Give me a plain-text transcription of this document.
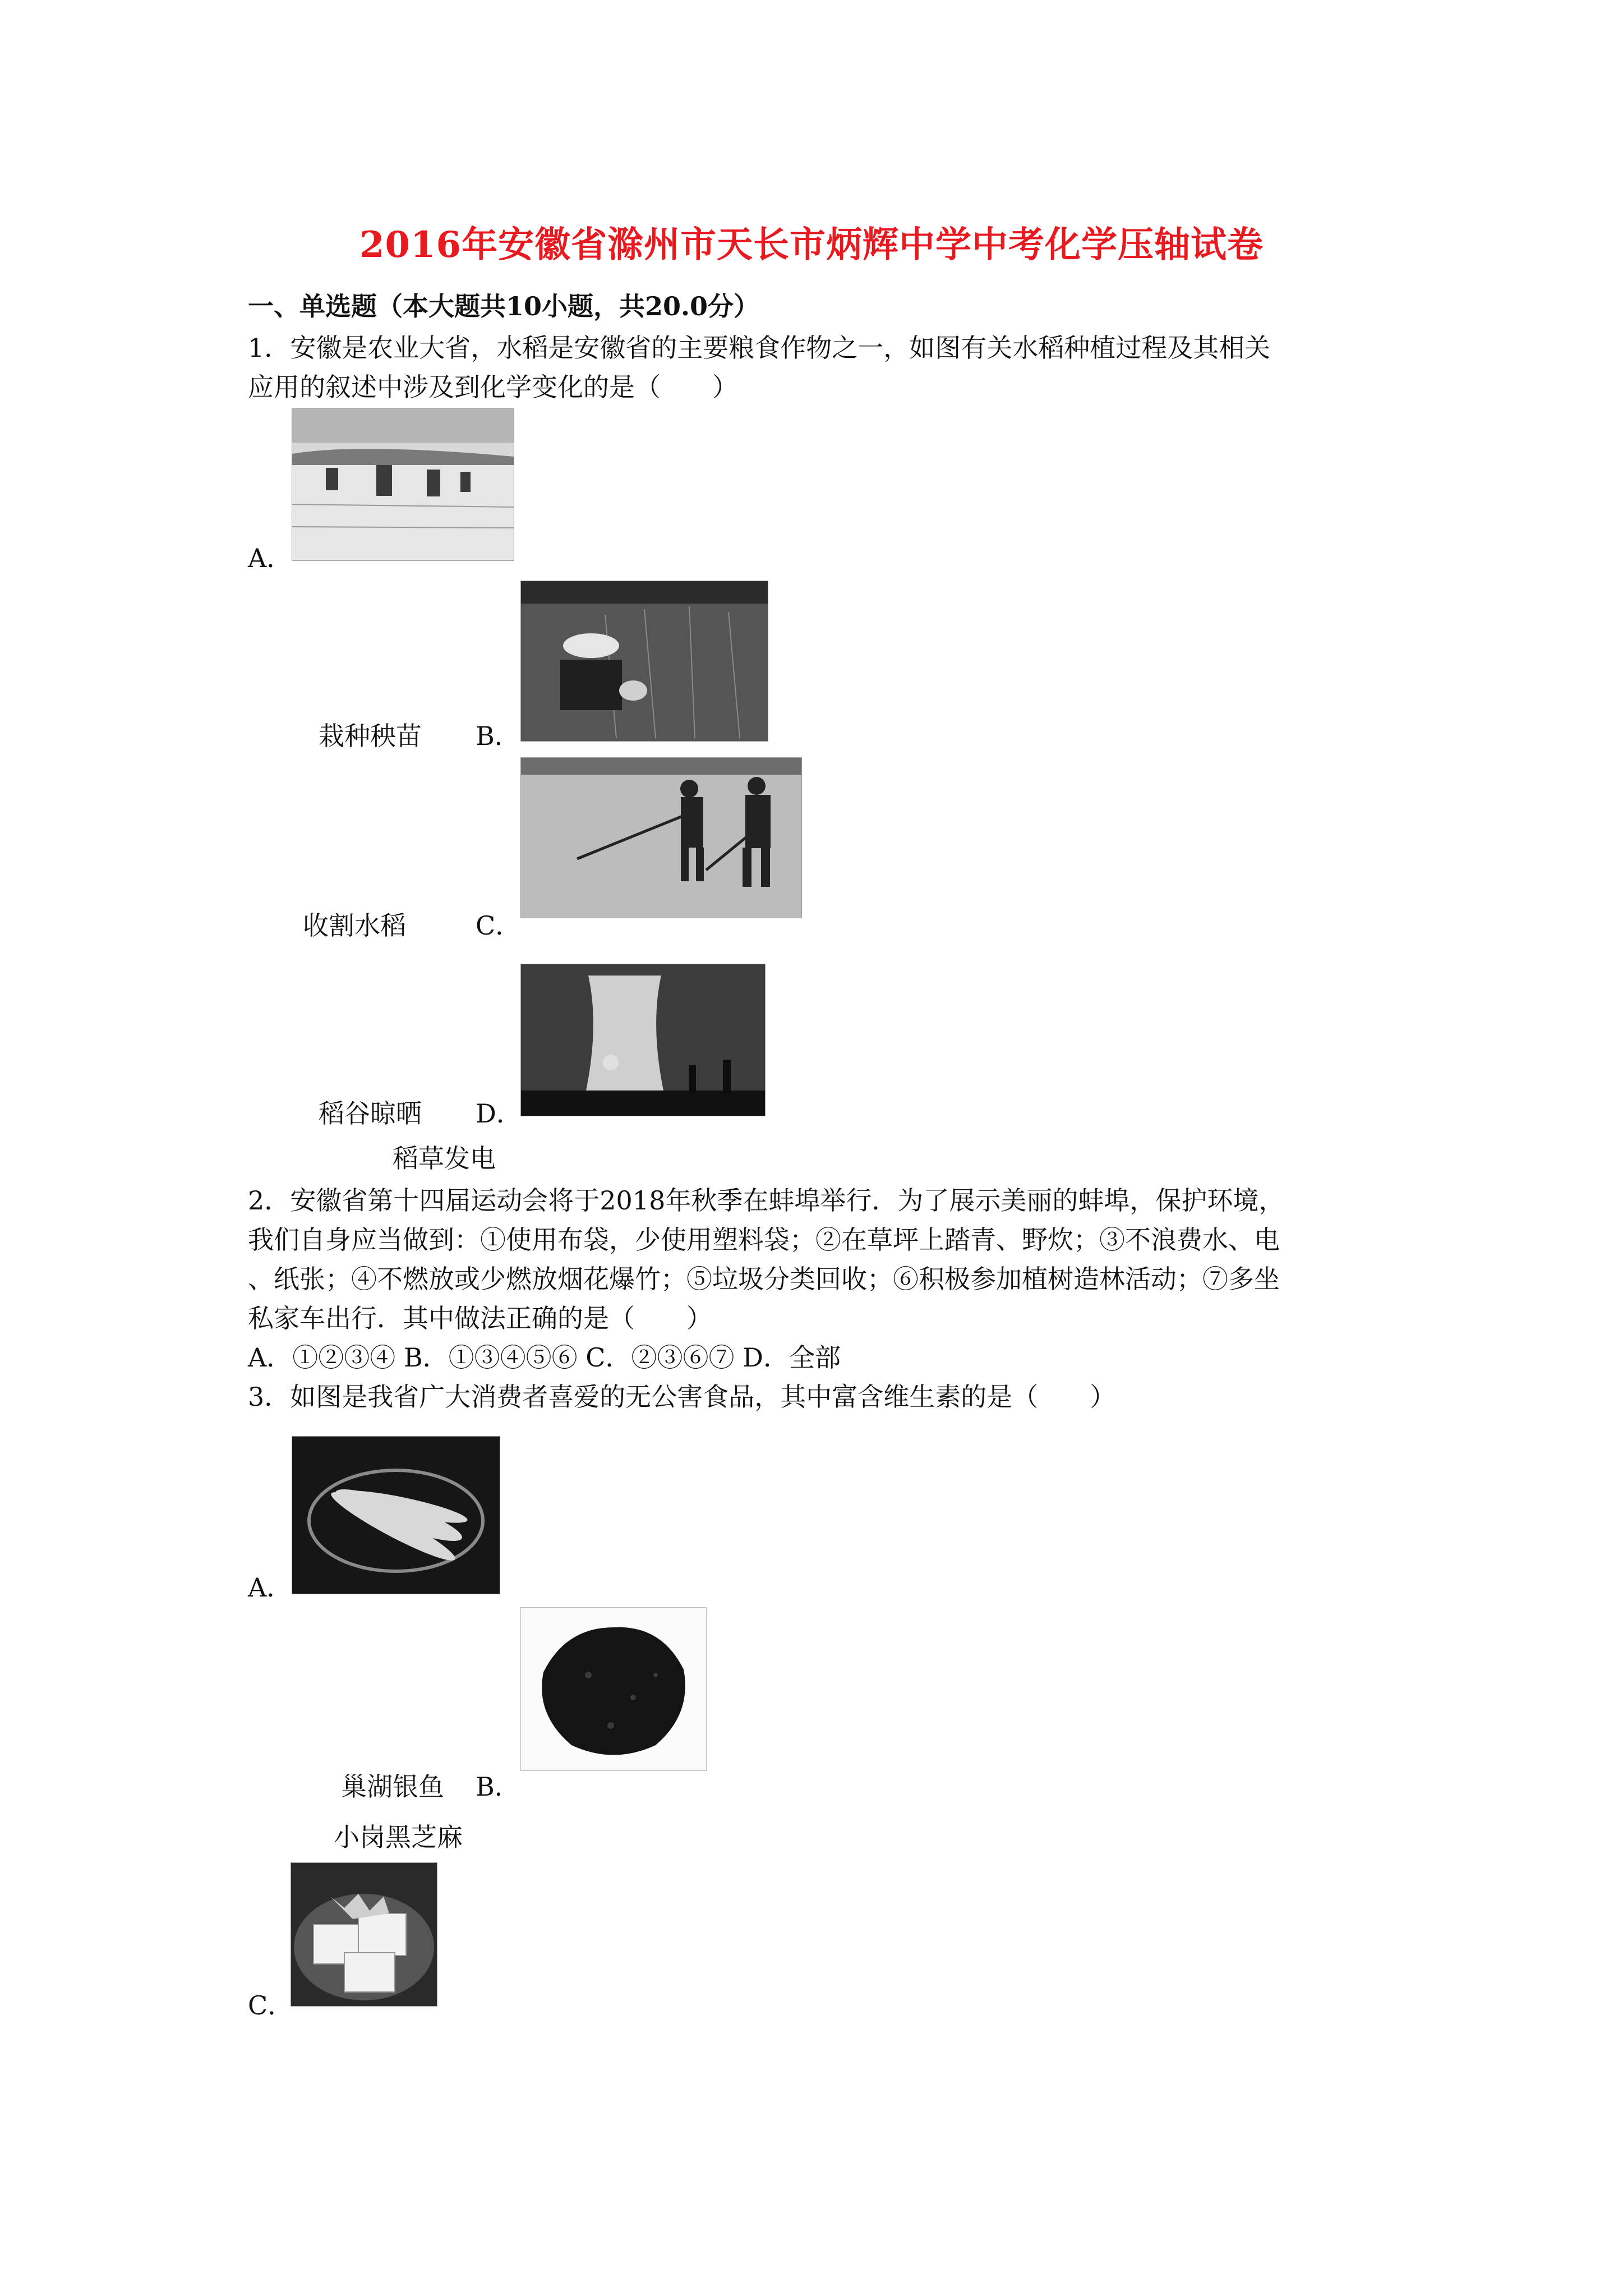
2016年安徽省滁州市天长市炳辉中学中考化学压轴试卷
一、单选题（本大题共10小题，共20.0分）
1．安徽是农业大省，水稻是安徽省的主要粮食作物之一，如图有关水稻种植过程及其相关
应用的叙述中涉及到化学变化的是（　　）
A．
栽种秧苗 B．
收割水稻	C．
稻谷晾晒 D．
稻草发电
2．安徽省第十四届运动会将于2018年秋季在蚌埠举行．为了展示美丽的蚌埠，保护环境，
我们自身应当做到：①使用布袋，少使用塑料袋；②在草坪上踏青、野炊；③不浪费水、电
、纸张；④不燃放或少燃放烟花爆竹；⑤垃圾分类回收；⑥积极参加植树造林活动；⑦多坐
私家车出行．其中做法正确的是（　　）
A．①②③④ B．①③④⑤⑥ C．②③⑥⑦ D．全部
3．如图是我省广大消费者喜爱的无公害食品，其中富含维生素的是（　　）
A．
巢湖银鱼 B．
小岗黑芝麻
C．
